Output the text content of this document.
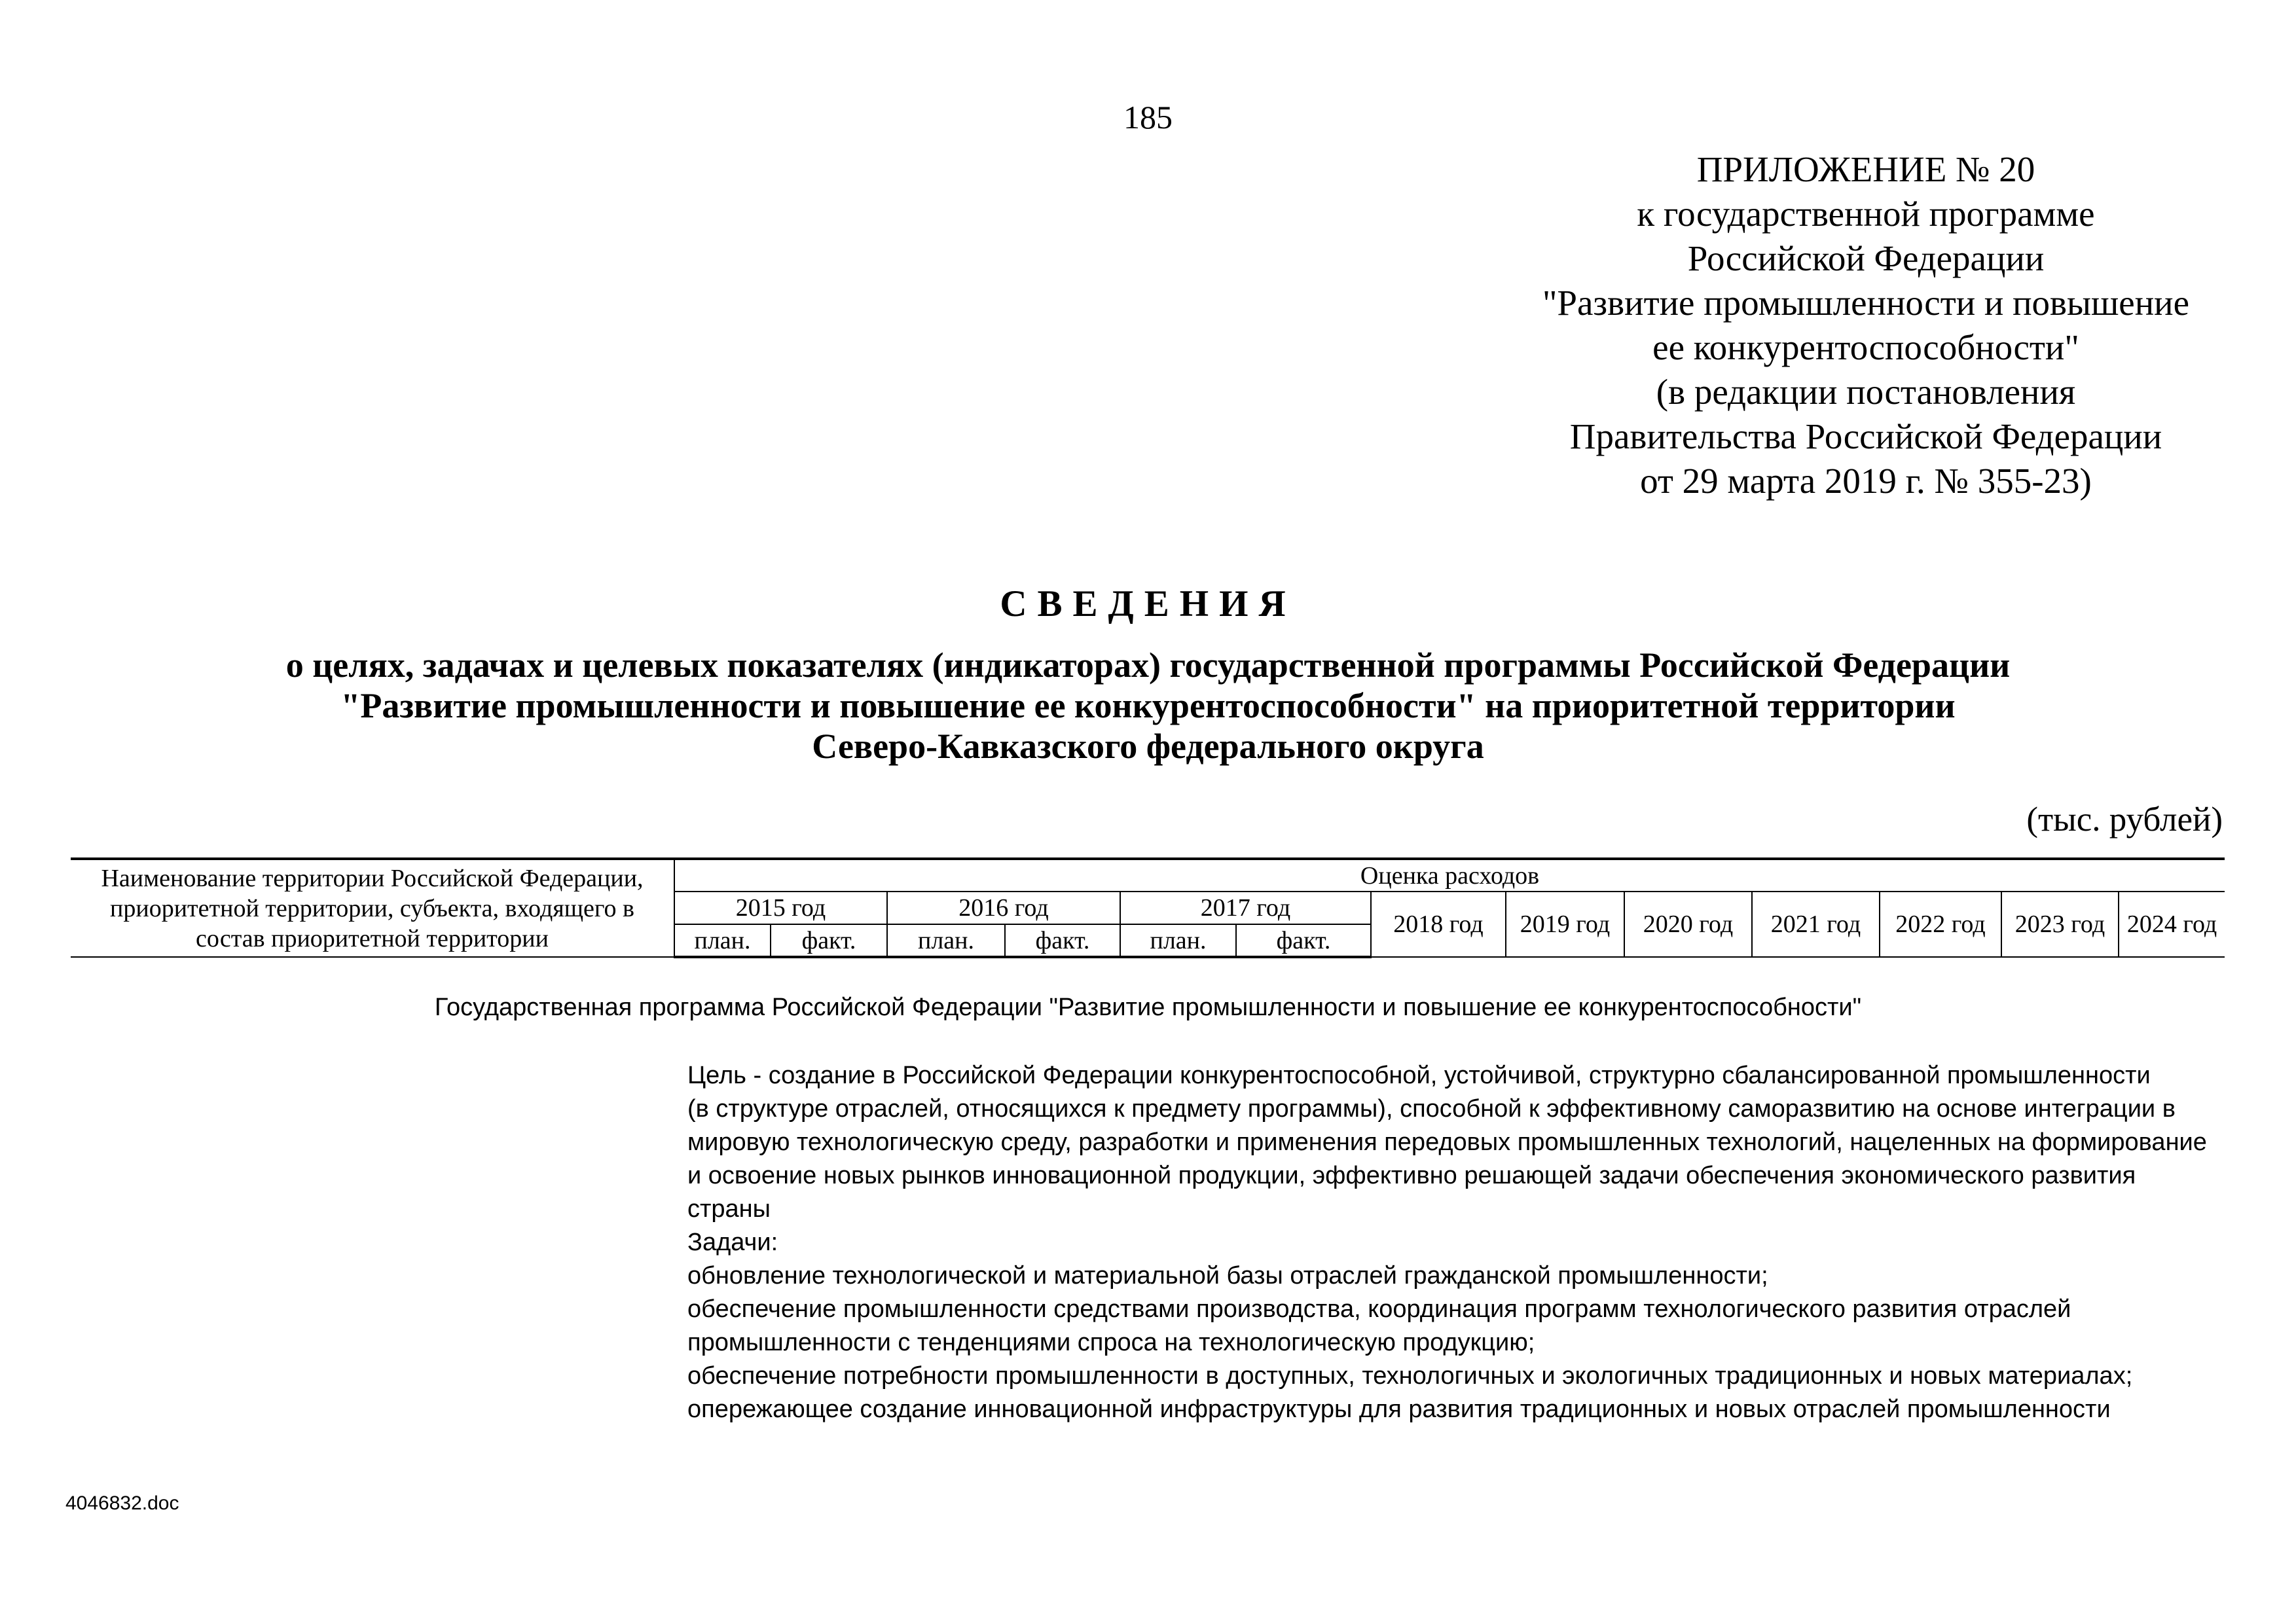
185
ПРИЛОЖЕНИЕ № 20
к государственной программе
Российской Федерации
"Развитие промышленности и повышение
ее конкурентоспособности"
(в редакции постановления
Правительства Российской Федерации
от 29 марта 2019 г. № 355-23)
СВЕДЕНИЯ
о целях, задачах и целевых показателях (индикаторах) государственной программы Российской Федерации
"Развитие промышленности и повышение ее конкурентоспособности" на приоритетной территории
Северо-Кавказского федерального округа
(тыс. рублей)
Наименование территории Российской Федерации, приоритетной территории, субъекта, входящего в состав приоритетной территории	Оценка расходов												
	2015 год		2016 год		2017 год		2018 год	2019 год	2020 год	2021 год	2022 год	2023 год	2024 год
	план.	факт.	план.	факт.	план.	факт.							
Государственная программа Российской Федерации "Развитие промышленности и повышение ее конкурентоспособности"
Цель - создание в Российской Федерации конкурентоспособной, устойчивой, структурно сбалансированной промышленности
(в структуре отраслей, относящихся к предмету программы), способной к эффективному саморазвитию на основе интеграции в
мировую технологическую среду, разработки и применения передовых промышленных технологий, нацеленных на формирование
и освоение новых рынков инновационной продукции, эффективно решающей задачи обеспечения экономического развития
страны
Задачи:
обновление технологической и материальной базы отраслей гражданской промышленности;
обеспечение промышленности средствами производства, координация программ технологического развития отраслей
промышленности с тенденциями спроса на технологическую продукцию;
обеспечение потребности промышленности в доступных, технологичных и экологичных традиционных и новых материалах;
опережающее создание инновационной инфраструктуры для развития традиционных и новых отраслей промышленности
4046832.doc
